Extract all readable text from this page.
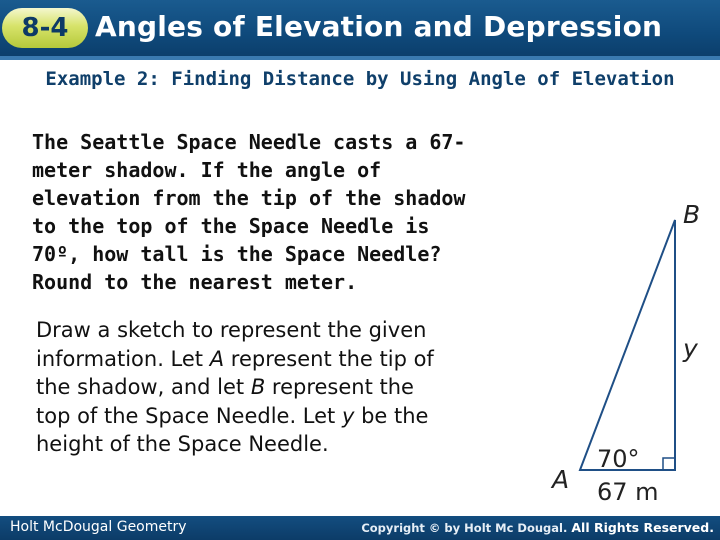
8-4 Angles of Elevation and Depression
Example 2: Finding Distance by Using Angle of Elevation
The Seattle Space Needle casts a 67-
meter shadow. If the angle of
elevation from the tip of the shadow
to the top of the Space Needle is
70º, how tall is the Space Needle?
Round to the nearest meter.
Draw a sketch to represent the given information. Let A represent the tip of the shadow, and let B represent the top of the Space Needle. Let y be the height of the Space Needle.
B
y
A
70°
67 m
Holt McDougal Geometry	Copyright © by Holt Mc Dougal. All Rights Reserved.
